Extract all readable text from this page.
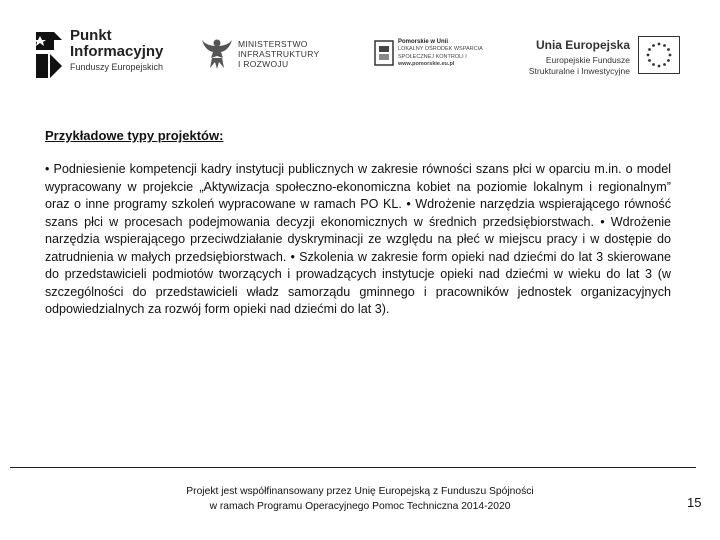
Punkt
Informacyjny
Funduszy Europejskich
MINISTERSTWO
INFRASTRUKTURY
I ROZWOJU
Pomorskie w Unii
LOKALNY OŚRODEK WSPARCIA
SPOŁECZNEJ KONTROLI I
www.pomorskie.eu.pl
Unia Europejska
Europejskie Fundusze
Strukturalne i Inwestycyjne

Przykładowe typy projektów:

• Podniesienie kompetencji kadry instytucji publicznych w zakresie równości szans płci w oparciu m.in. o model wypracowany w projekcie „Aktywizacja społeczno-ekonomiczna kobiet na poziomie lokalnym i regionalnym” oraz o inne programy szkoleń wypracowane w ramach PO KL. • Wdrożenie narzędzia wspierającego równość szans płci w procesach podejmowania decyzji ekonomicznych w średnich przedsiębiorstwach. • Wdrożenie narzędzia wspierającego przeciwdziałanie dyskryminacji ze względu na płeć w miejscu pracy i w dostępie do zatrudnienia w małych przedsiębiorstwach. • Szkolenia w zakresie form opieki nad dziećmi do lat 3 skierowane do przedstawicieli podmiotów tworzących i prowadzących instytucje opieki nad dziećmi w wieku do lat 3 (w szczególności do przedstawicieli władz samorządu gminnego i pracowników jednostek organizacyjnych odpowiedzialnych za rozwój form opieki nad dziećmi do lat 3).

Projekt jest współfinansowany przez Unię Europejską z Funduszu Spójności
w ramach Programu Operacyjnego Pomoc Techniczna 2014-2020	15
